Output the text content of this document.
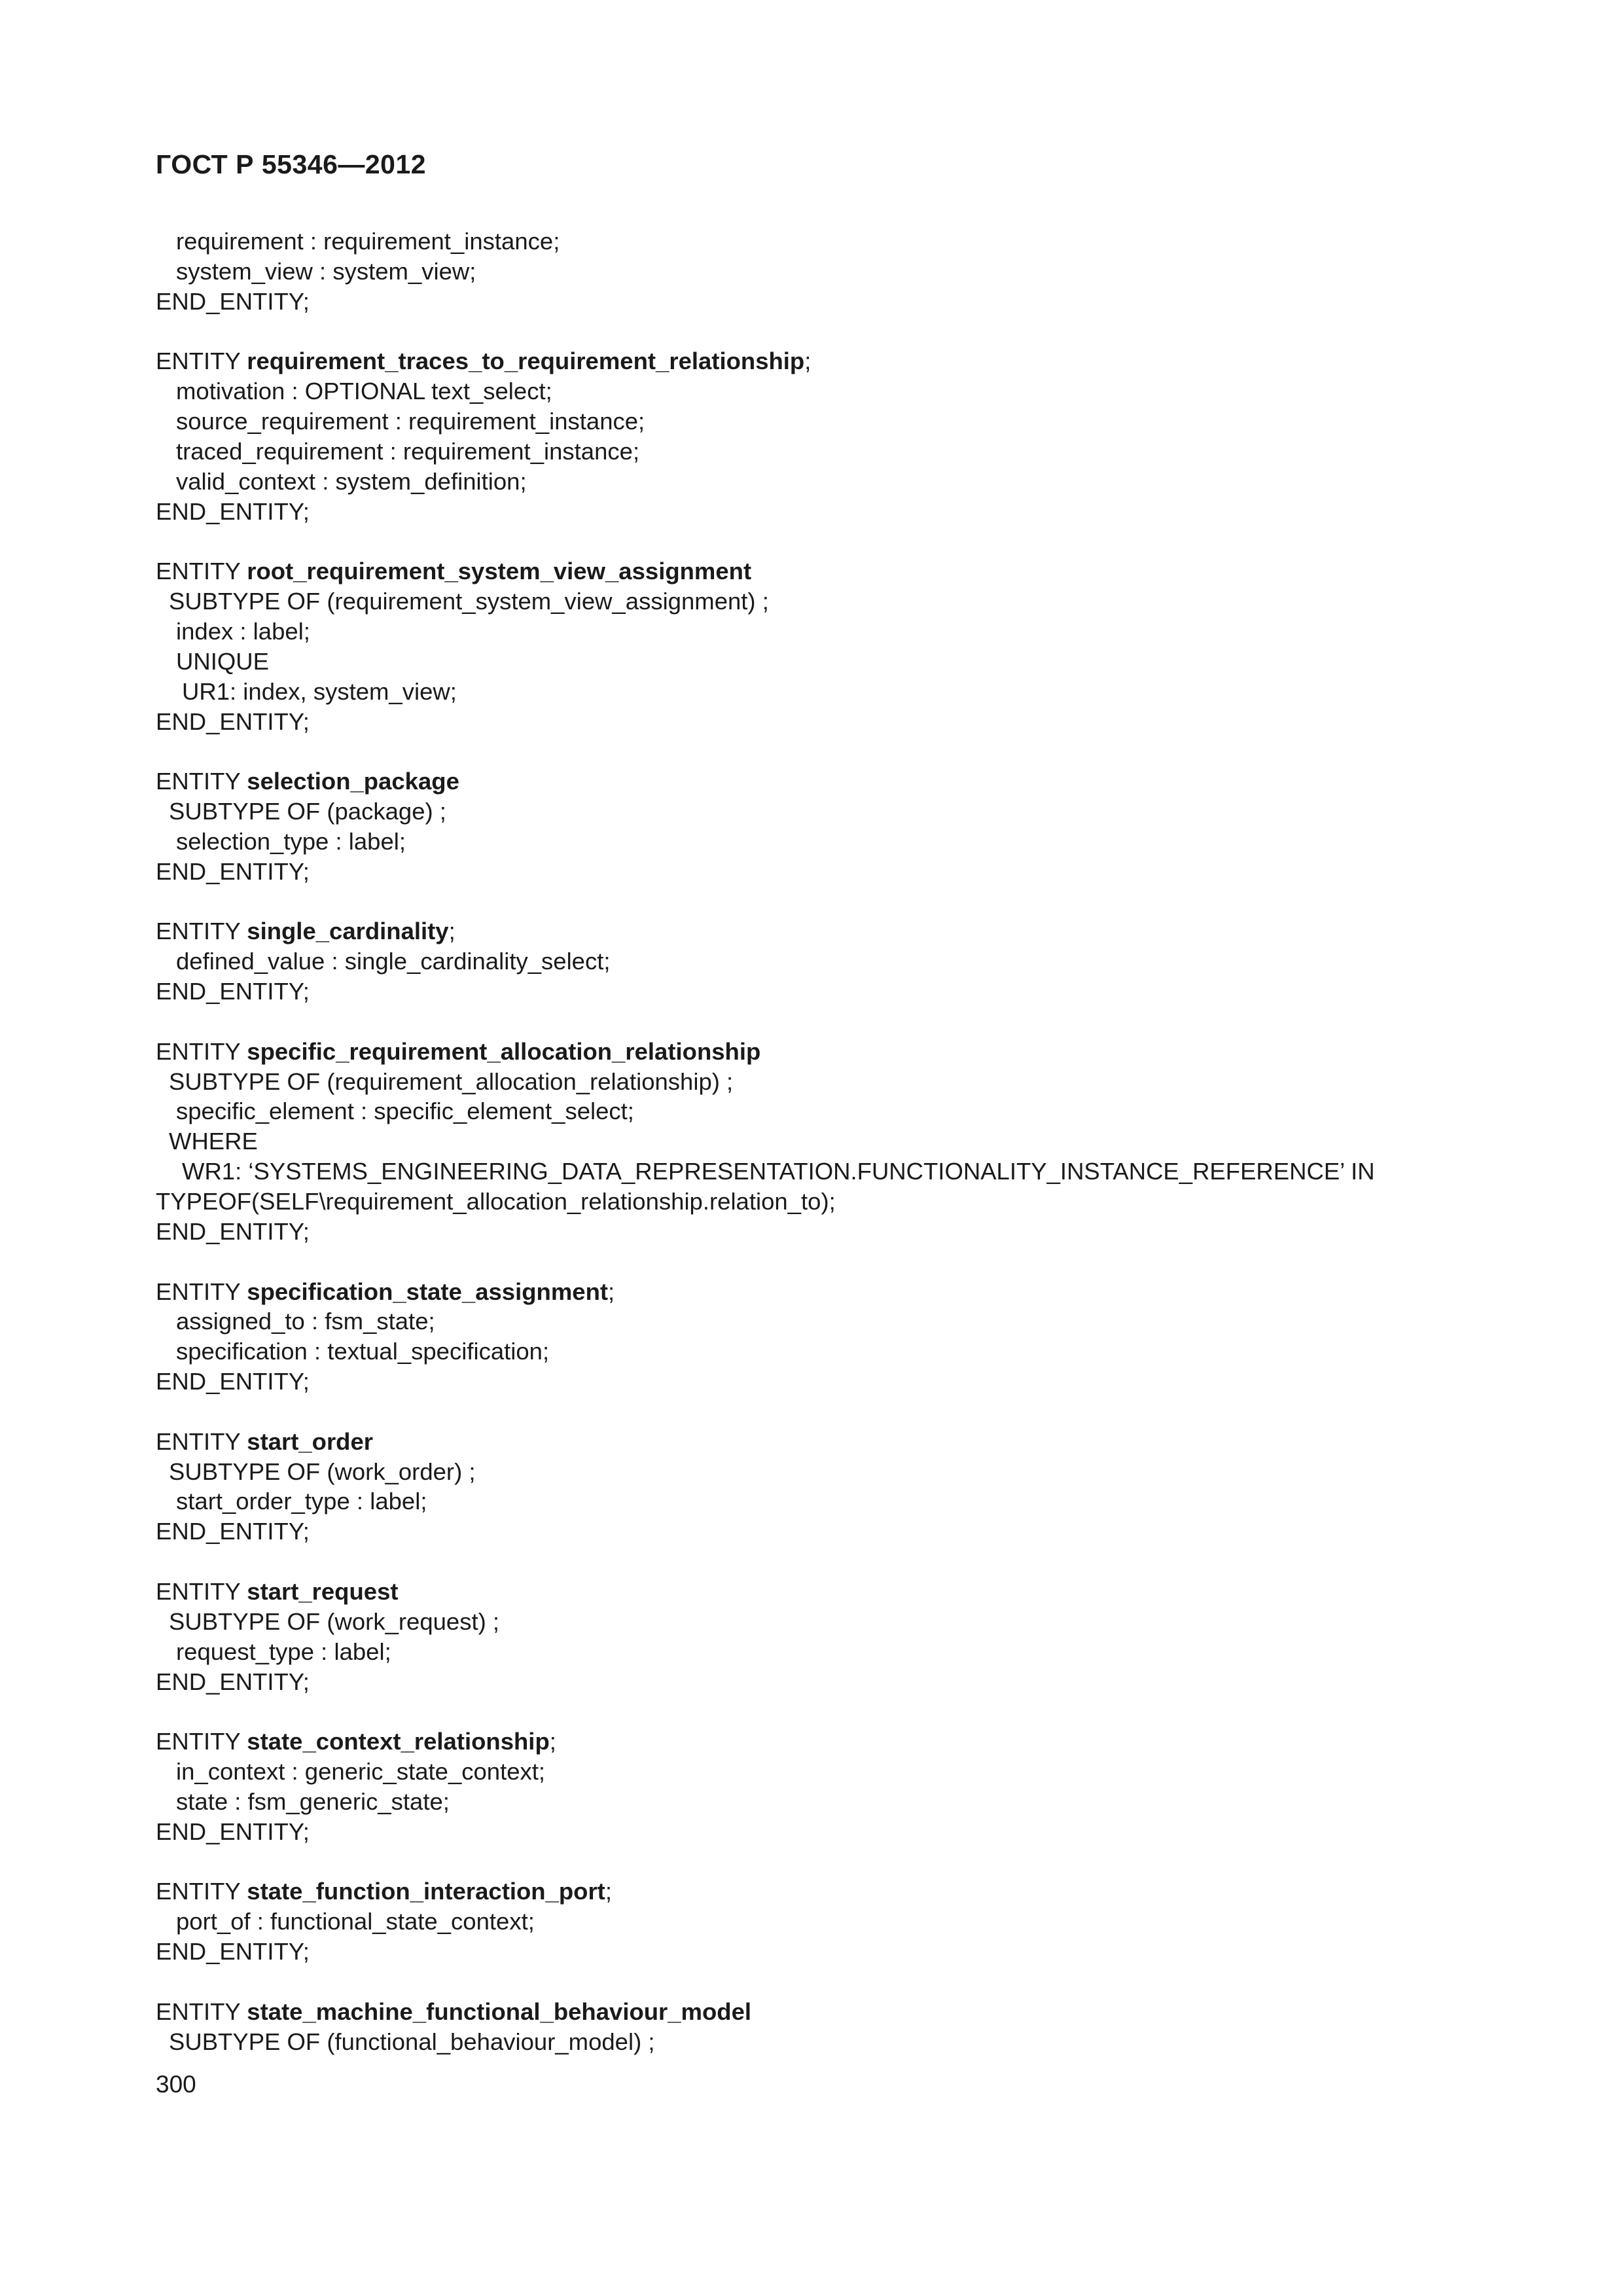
ГОСТ Р 55346—2012
requirement : requirement_instance;
system_view : system_view;
END_ENTITY;
ENTITY requirement_traces_to_requirement_relationship;
motivation : OPTIONAL text_select;
source_requirement : requirement_instance;
traced_requirement : requirement_instance;
valid_context : system_definition;
END_ENTITY;
ENTITY root_requirement_system_view_assignment
SUBTYPE OF (requirement_system_view_assignment) ;
index : label;
UNIQUE
UR1: index, system_view;
END_ENTITY;
ENTITY selection_package
SUBTYPE OF (package) ;
selection_type : label;
END_ENTITY;
ENTITY single_cardinality;
defined_value : single_cardinality_select;
END_ENTITY;
ENTITY specific_requirement_allocation_relationship
SUBTYPE OF (requirement_allocation_relationship) ;
specific_element : specific_element_select;
WHERE
WR1: ‘SYSTEMS_ENGINEERING_DATA_REPRESENTATION.FUNCTIONALITY_INSTANCE_REFERENCE’ IN
TYPEOF(SELF\requirement_allocation_relationship.relation_to);
END_ENTITY;
ENTITY specification_state_assignment;
assigned_to : fsm_state;
specification : textual_specification;
END_ENTITY;
ENTITY start_order
SUBTYPE OF (work_order) ;
start_order_type : label;
END_ENTITY;
ENTITY start_request
SUBTYPE OF (work_request) ;
request_type : label;
END_ENTITY;
ENTITY state_context_relationship;
in_context : generic_state_context;
state : fsm_generic_state;
END_ENTITY;
ENTITY state_function_interaction_port;
port_of : functional_state_context;
END_ENTITY;
ENTITY state_machine_functional_behaviour_model
SUBTYPE OF (functional_behaviour_model) ;
300
